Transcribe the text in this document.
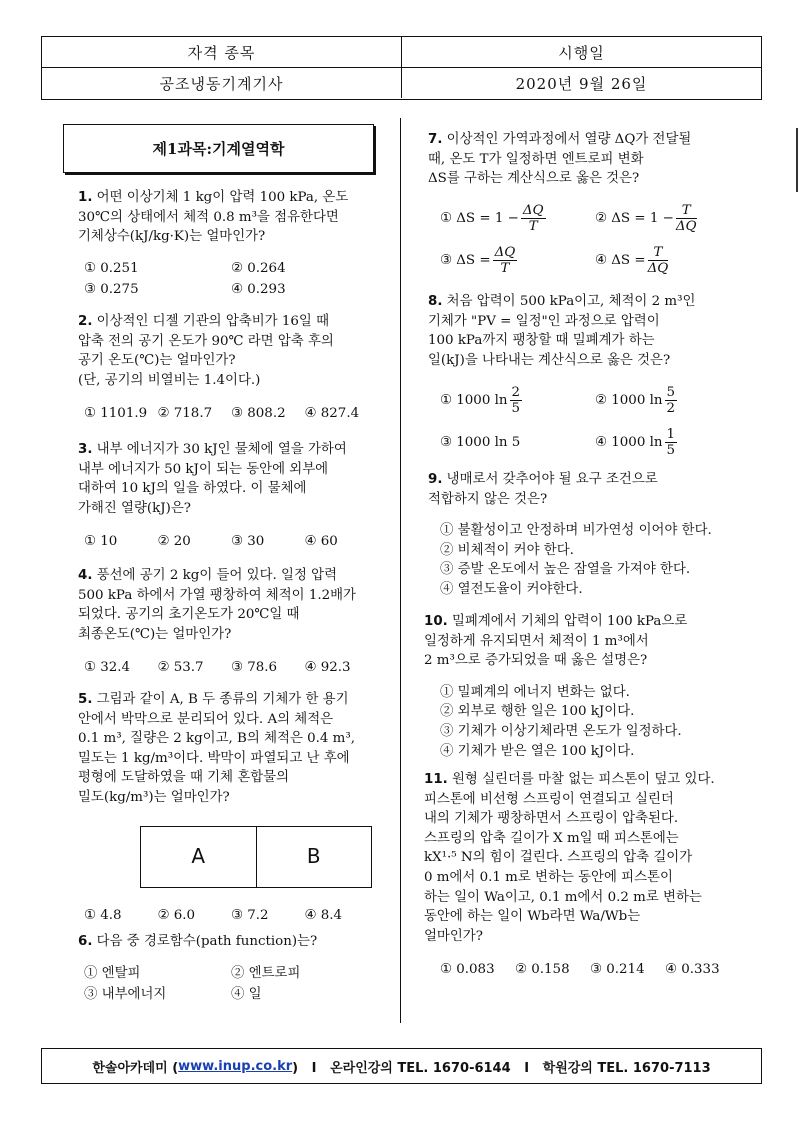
자격 종목	시행일
공조냉동기계기사	2020년 9월 26일
제1과목:기계열역학
1. 어떤 이상기체 1 kg이 압력 100 kPa, 온도
30℃의 상태에서 체적 0.8 m³을 점유한다면
기체상수(kJ/kg·K)는 얼마인가?
① 0.251	② 0.264
③ 0.275	④ 0.293
2. 이상적인 디젤 기관의 압축비가 16일 때
압축 전의 공기 온도가 90℃ 라면 압축 후의
공기 온도(℃)는 얼마인가?
(단, 공기의 비열비는 1.4이다.)
① 1101.9 ② 718.7	③ 808.2	④ 827.4
3. 내부 에너지가 30 kJ인 물체에 열을 가하여
내부 에너지가 50 kJ이 되는 동안에 외부에
대하여 10 kJ의 일을 하였다. 이 물체에
가해진 열량(kJ)은?
① 10	② 20	③ 30	④ 60
4. 풍선에 공기 2 kg이 들어 있다. 일정 압력
500 kPa 하에서 가열 팽창하여 체적이 1.2배가
되었다. 공기의 초기온도가 20℃일 때
최종온도(℃)는 얼마인가?
① 32.4	② 53.7	③ 78.6	④ 92.3
5. 그림과 같이 A, B 두 종류의 기체가 한 용기
안에서 박막으로 분리되어 있다. A의 체적은
0.1 m³, 질량은 2 kg이고, B의 체적은 0.4 m³,
밀도는 1 kg/m³이다. 박막이 파열되고 난 후에
평형에 도달하였을 때 기체 혼합물의
밀도(kg/m³)는 얼마인가?
A	B
① 4.8	② 6.0	③ 7.2	④ 8.4
6. 다음 중 경로함수(path function)는?
① 엔탈피	② 엔트로피
③ 내부에너지	④ 일
7. 이상적인 가역과정에서 열량 ΔQ가 전달될
때, 온도 T가 일정하면 엔트로피 변화
ΔS를 구하는 계산식으로 옳은 것은?
① $\Delta S = 1 - \frac{\Delta Q}{T}$	② $\Delta S = 1 - \frac{T}{\Delta Q}$
③ $\Delta S = \frac{\Delta Q}{T}$	④ $\Delta S = \frac{T}{\Delta Q}$
8. 처음 압력이 500 kPa이고, 체적이 2 m³인
기체가 "PV = 일정"인 과정으로 압력이
100 kPa까지 팽창할 때 밀폐계가 하는
일(kJ)을 나타내는 계산식으로 옳은 것은?
① 1000 $\ln \frac{2}{5}$	② 1000 $\ln \frac{5}{2}$
③ 1000 ln 5	④ 1000 $\ln \frac{1}{5}$
9. 냉매로서 갖추어야 될 요구 조건으로
적합하지 않은 것은?
① 불활성이고 안정하며 비가연성 이어야 한다.
② 비체적이 커야 한다.
③ 증발 온도에서 높은 잠열을 가져야 한다.
④ 열전도율이 커야한다.
10. 밀폐계에서 기체의 압력이 100 kPa으로
일정하게 유지되면서 체적이 1 m³에서
2 m³으로 증가되었을 때 옳은 설명은?
① 밀폐계의 에너지 변화는 없다.
② 외부로 행한 일은 100 kJ이다.
③ 기체가 이상기체라면 온도가 일정하다.
④ 기체가 받은 열은 100 kJ이다.
11. 원형 실린더를 마찰 없는 피스톤이 덮고 있다.
피스톤에 비선형 스프링이 연결되고 실린더
내의 기체가 팽창하면서 스프링이 압축된다.
스프링의 압축 길이가 X m일 때 피스톤에는
kX¹·⁵ N의 힘이 걸린다. 스프링의 압축 길이가
0 m에서 0.1 m로 변하는 동안에 피스톤이
하는 일이 Wa이고, 0.1 m에서 0.2 m로 변하는
동안에 하는 일이 Wb라면 Wa/Wb는
얼마인가?
① 0.083	② 0.158	③ 0.214	④ 0.333
한솔아카데미 ( www.inup.co.kr )   I   온라인강의 TEL. 1670-6144   I   학원강의 TEL. 1670-7113
